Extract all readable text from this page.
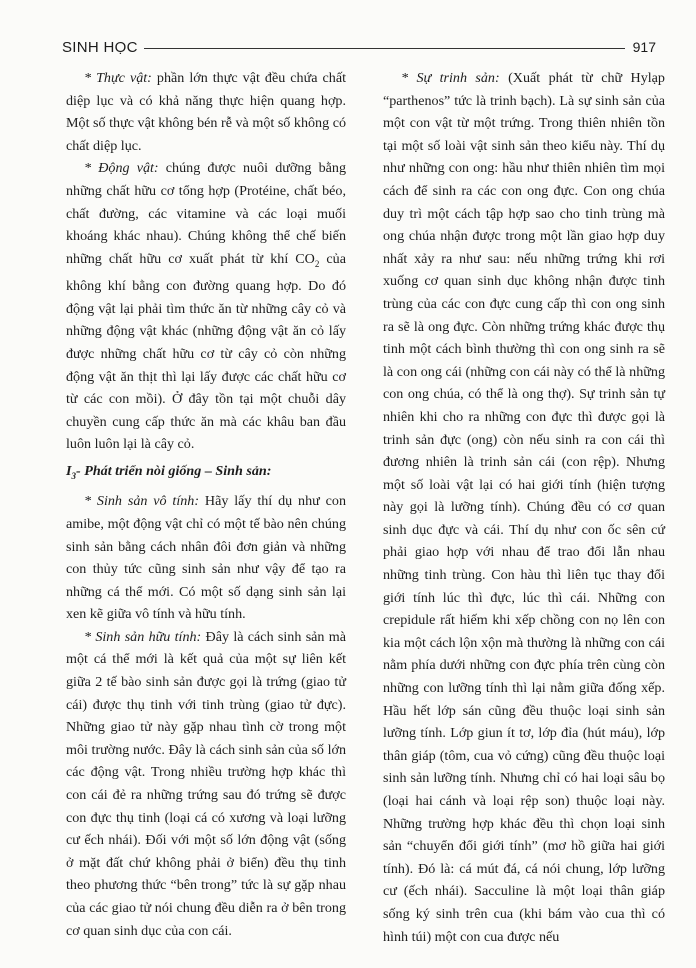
SINH HỌC	917

* Thực vật: phần lớn thực vật đều chứa chất diệp lục và có khả năng thực hiện quang hợp. Một số thực vật không bén rễ và một số không có chất diệp lục.

* Động vật: chúng được nuôi dưỡng bằng những chất hữu cơ tổng hợp (Protéine, chất béo, chất đường, các vitamine và các loại muối khoáng khác nhau). Chúng không thể chế biến những chất hữu cơ xuất phát từ khí $CO_2$ của không khí bằng con đường quang hợp. Do đó động vật lại phải tìm thức ăn từ những cây cỏ và những động vật khác (những động vật ăn cỏ lấy được những chất hữu cơ từ cây cỏ còn những động vật ăn thịt thì lại lấy được các chất hữu cơ từ các con mồi). Ở đây tồn tại một chuỗi dây chuyền cung cấp thức ăn mà các khâu ban đầu luôn luôn lại là cây cỏ.

$I_3-$ Phát triển nòi giống – Sinh sản:

* Sinh sản vô tính: Hãy lấy thí dụ như con amibe, một động vật chỉ có một tế bào nên chúng sinh sản bằng cách nhân đôi đơn giản và những con thủy tức cũng sinh sản như vậy để tạo ra những cá thể mới. Có một số dạng sinh sản lại xen kẽ giữa vô tính và hữu tính.

* Sinh sản hữu tính: Đây là cách sinh sản mà một cá thể mới là kết quả của một sự liên kết giữa 2 tế bào sinh sản được gọi là trứng (giao tử cái) được thụ tinh với tinh trùng (giao tử đực). Những giao tử này gặp nhau tình cờ trong một môi trường nước. Đây là cách sinh sản của số lớn các động vật. Trong nhiều trường hợp khác thì con cái đẻ ra những trứng sau đó trứng sẽ được con đực thụ tinh (loại cá có xương và loại lưỡng cư ếch nhái). Đối với một số lớn động vật (sống ở mặt đất chứ không phải ở biển) đều thụ tinh theo phương thức “bên trong” tức là sự gặp nhau của các giao tử nói chung đều diễn ra ở bên trong cơ quan sinh dục của con cái.

* Sự trinh sản: (Xuất phát từ chữ Hylạp “parthenos” tức là trinh bạch). Là sự sinh sản của một con vật từ một trứng. Trong thiên nhiên tồn tại một số loài vật sinh sản theo kiểu này. Thí dụ như những con ong: hầu như thiên nhiên tìm mọi cách để sinh ra các con ong đực. Con ong chúa duy trì một cách tập hợp sao cho tinh trùng mà ong chúa nhận được trong một lần giao hợp duy nhất xảy ra như sau: nếu những trứng khi rơi xuống cơ quan sinh dục không nhận được tinh trùng của các con đực cung cấp thì con ong sinh ra sẽ là ong đực. Còn những trứng khác được thụ tinh một cách bình thường thì con ong sinh ra sẽ là con ong cái (những con cái này có thể là những con ong chúa, có thể là ong thợ). Sự trinh sản tự nhiên khi cho ra những con đực thì được gọi là trinh sản đực (ong) còn nếu sinh ra con cái thì đương nhiên là trinh sản cái (con rệp). Nhưng một số loài vật lại có hai giới tính (hiện tượng này gọi là lưỡng tính). Chúng đều có cơ quan sinh dục đực và cái. Thí dụ như con ốc sên cứ phải giao hợp với nhau để trao đổi lẫn nhau những tinh trùng. Con hàu thì liên tục thay đổi giới tính lúc thì đực, lúc thì cái. Những con crepidule rất hiếm khi xếp chồng con nọ lên con kia một cách lộn xộn mà thường là những con cái nằm phía dưới những con đực phía trên cùng còn những con lưỡng tính thì lại nằm giữa đống xếp. Hầu hết lớp sán cũng đều thuộc loại sinh sản lưỡng tính. Lớp giun ít tơ, lớp đỉa (hút máu), lớp thân giáp (tôm, cua vỏ cứng) cũng đều thuộc loại sinh sản lưỡng tính. Nhưng chỉ có hai loại sâu bọ (loại hai cánh và loại rệp son) thuộc loại này. Những trường hợp khác đều thì chọn loại sinh sản “chuyển đổi giới tính” (mơ hồ giữa hai giới tính). Đó là: cá mút đá, cá nói chung, lớp lưỡng cư (ếch nhái). Sacculine là một loại thân giáp sống ký sinh trên cua (khi bám vào cua thì có hình túi) một con cua được nếu
